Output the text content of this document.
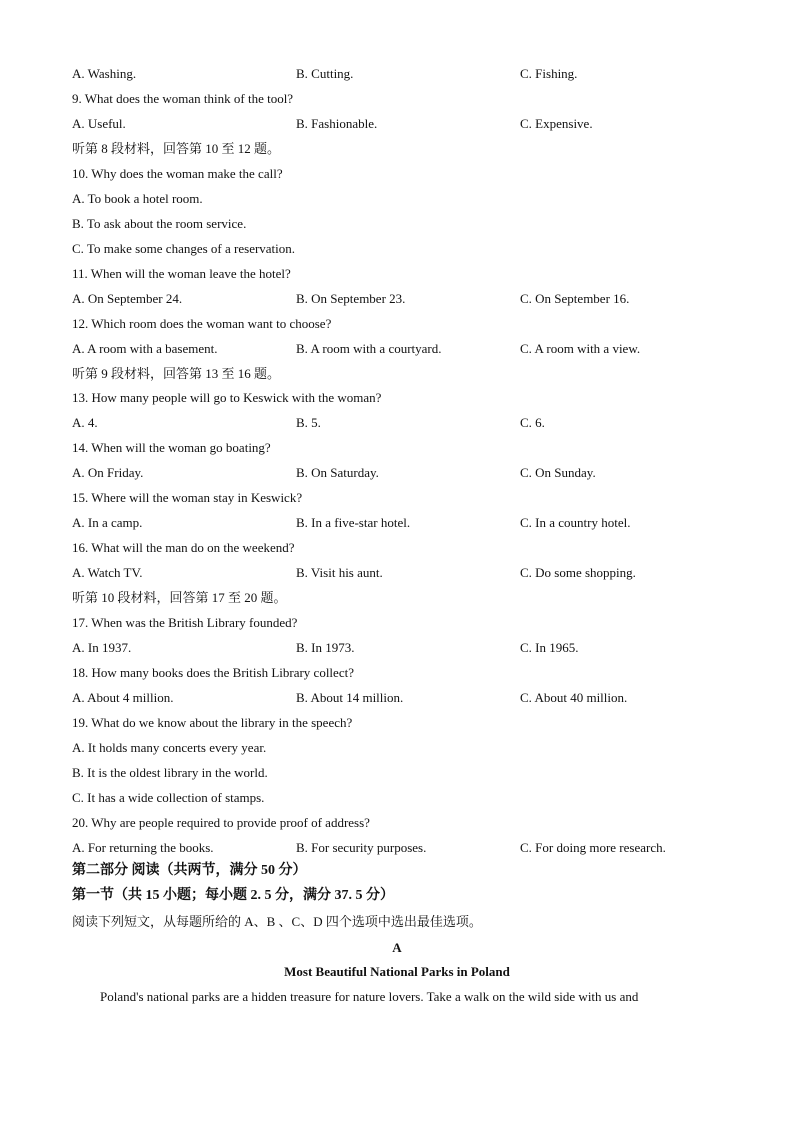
A. Washing.	B. Cutting.	C. Fishing.
9. What does the woman think of the tool?
A. Useful.	B. Fashionable.	C. Expensive.
听第 8 段材料，回答第 10 至 12 题。
10. Why does the woman make the call?
A. To book a hotel room.
B. To ask about the room service.
C. To make some changes of a reservation.
11. When will the woman leave the hotel?
A. On September 24.	B. On September 23.	C. On September 16.
12. Which room does the woman want to choose?
A. A room with a basement.	B. A room with a courtyard.	C. A room with a view.
听第 9 段材料，回答第 13 至 16 题。
13. How many people will go to Keswick with the woman?
A. 4.	B. 5.	C. 6.
14. When will the woman go boating?
A. On Friday.	B. On Saturday.	C. On Sunday.
15. Where will the woman stay in Keswick?
A. In a camp.	B. In a five-star hotel.	C. In a country hotel.
16. What will the man do on the weekend?
A. Watch TV.	B. Visit his aunt.	C. Do some shopping.
听第 10 段材料，回答第 17 至 20 题。
17. When was the British Library founded?
A. In 1937.	B. In 1973.	C. In 1965.
18. How many books does the British Library collect?
A. About 4 million.	B. About 14 million.	C. About 40 million.
19. What do we know about the library in the speech?
A. It holds many concerts every year.
B. It is the oldest library in the world.
C. It has a wide collection of stamps.
20. Why are people required to provide proof of address?
A. For returning the books.	B. For security purposes.	C. For doing more research.
第二部分 阅读（共两节，满分 50 分）
第一节（共 15 小题；每小题 2. 5 分，满分 37. 5 分）
阅读下列短文，从每题所给的 A、B 、C、D 四个选项中选出最佳选项。
A
Most Beautiful National Parks in Poland
Poland's national parks are a hidden treasure for nature lovers. Take a walk on the wild side with us and
